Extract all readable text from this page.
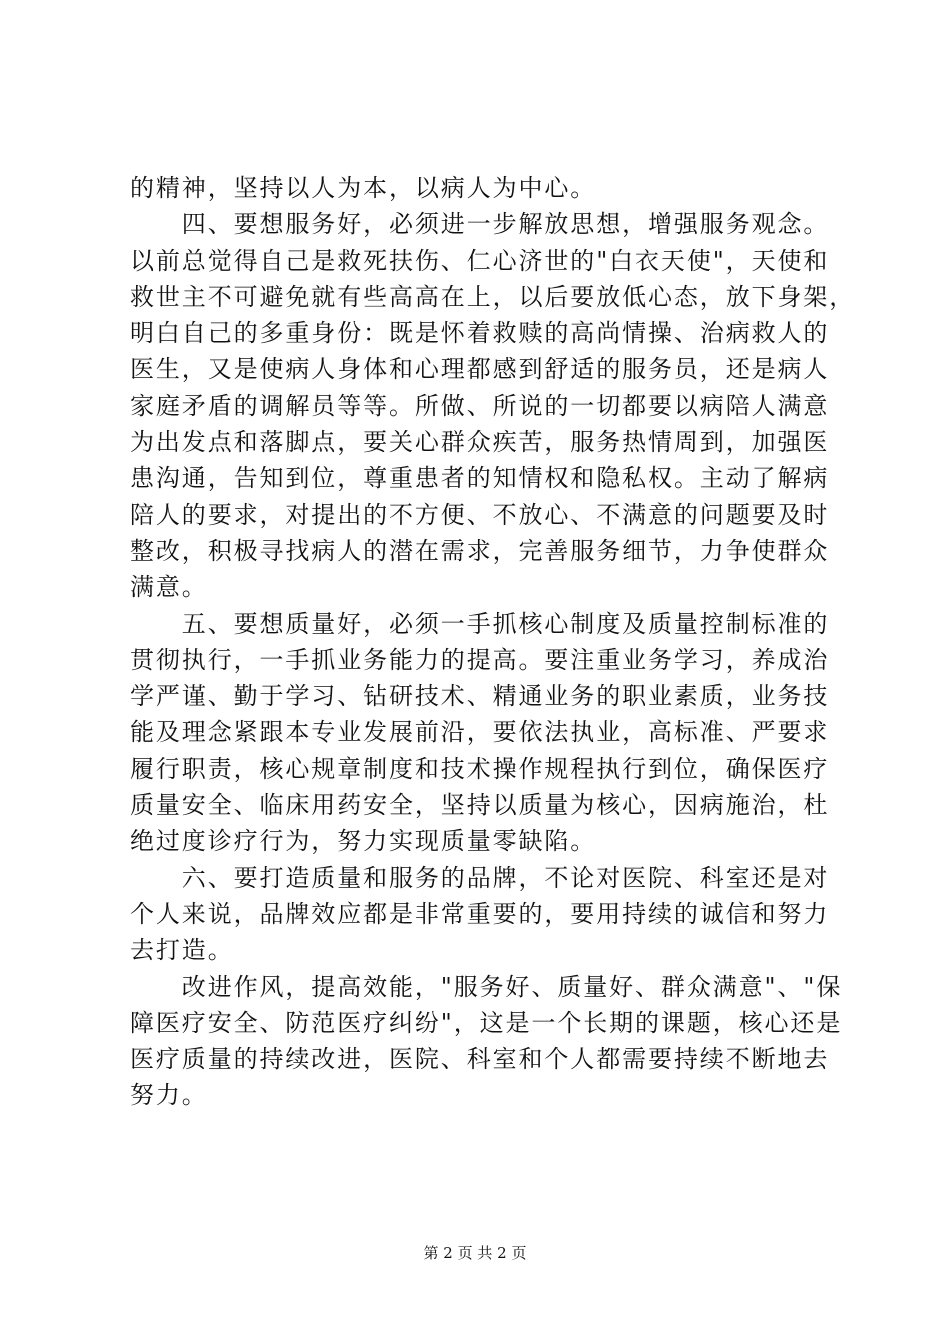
的精神，坚持以人为本，以病人为中心。
　　四、要想服务好，必须进一步解放思想，增强服务观念。
以前总觉得自己是救死扶伤、仁心济世的"白衣天使"，天使和
救世主不可避免就有些高高在上，以后要放低心态，放下身架，
明白自己的多重身份：既是怀着救赎的高尚情操、治病救人的
医生，又是使病人身体和心理都感到舒适的服务员，还是病人
家庭矛盾的调解员等等。所做、所说的一切都要以病陪人满意
为出发点和落脚点，要关心群众疾苦，服务热情周到，加强医
患沟通，告知到位，尊重患者的知情权和隐私权。主动了解病
陪人的要求，对提出的不方便、不放心、不满意的问题要及时
整改，积极寻找病人的潜在需求，完善服务细节，力争使群众
满意。
　　五、要想质量好，必须一手抓核心制度及质量控制标准的
贯彻执行，一手抓业务能力的提高。要注重业务学习，养成治
学严谨、勤于学习、钻研技术、精通业务的职业素质，业务技
能及理念紧跟本专业发展前沿，要依法执业，高标准、严要求
履行职责，核心规章制度和技术操作规程执行到位，确保医疗
质量安全、临床用药安全，坚持以质量为核心，因病施治，杜
绝过度诊疗行为，努力实现质量零缺陷。
　　六、要打造质量和服务的品牌，不论对医院、科室还是对
个人来说，品牌效应都是非常重要的，要用持续的诚信和努力
去打造。
　　改进作风，提高效能，"服务好、质量好、群众满意"、"保
障医疗安全、防范医疗纠纷"，这是一个长期的课题，核心还是
医疗质量的持续改进，医院、科室和个人都需要持续不断地去
努力。
第 2 页 共 2 页
